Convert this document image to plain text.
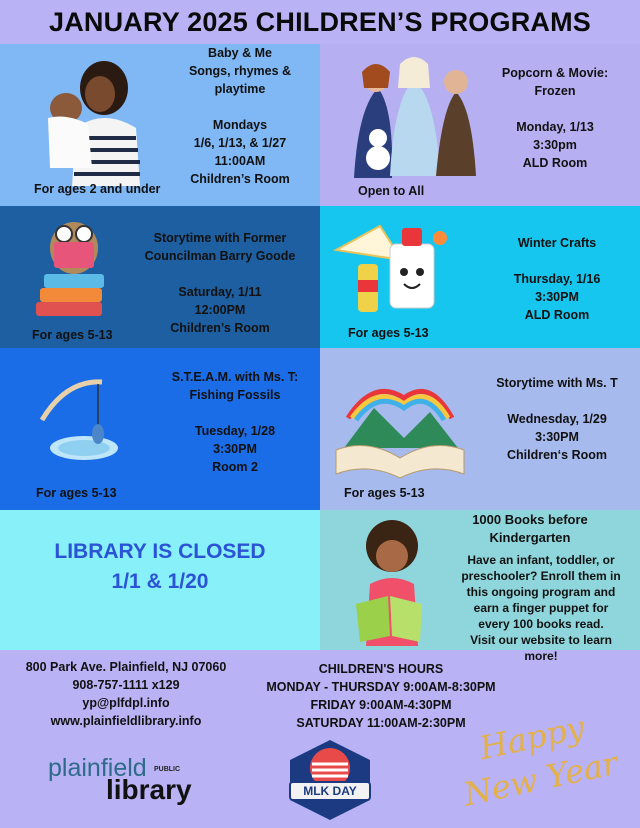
JANUARY 2025 CHILDREN’S PROGRAMS
Baby & Me
Songs, rhymes &
playtime

Mondays
1/6, 1/13, & 1/27
11:00AM
Children’s Room
For ages 2 and under
Popcorn & Movie:
Frozen

Monday, 1/13
3:30pm
ALD Room
Open to All
Storytime with Former
Councilman Barry Goode

Saturday, 1/11
12:00PM
Children’s Room
For ages 5-13
Winter Crafts

Thursday, 1/16
3:30PM
ALD Room
For ages 5-13
S.T.E.A.M. with Ms. T:
Fishing Fossils

Tuesday, 1/28
3:30PM
Room 2
For ages 5-13
Storytime with Ms. T

Wednesday, 1/29
3:30PM
Children‘s Room
For ages 5-13
LIBRARY IS CLOSED
1/1 & 1/20
1000 Books before
Kindergarten
Have an infant, toddler, or
preschooler? Enroll them in
this ongoing program and
earn a finger puppet for
every 100 books read.
Visit our website to learn
more!
800 Park Ave. Plainfield, NJ 07060
908-757-1111 x129
yp@plfdpl.info
www.plainfieldlibrary.info
CHILDREN'S HOURS
MONDAY - THURSDAY 9:00AM-8:30PM
FRIDAY 9:00AM-4:30PM
SATURDAY 11:00AM-2:30PM
plainfield PUBLIC
library	MLK DAY
Happy New Year
